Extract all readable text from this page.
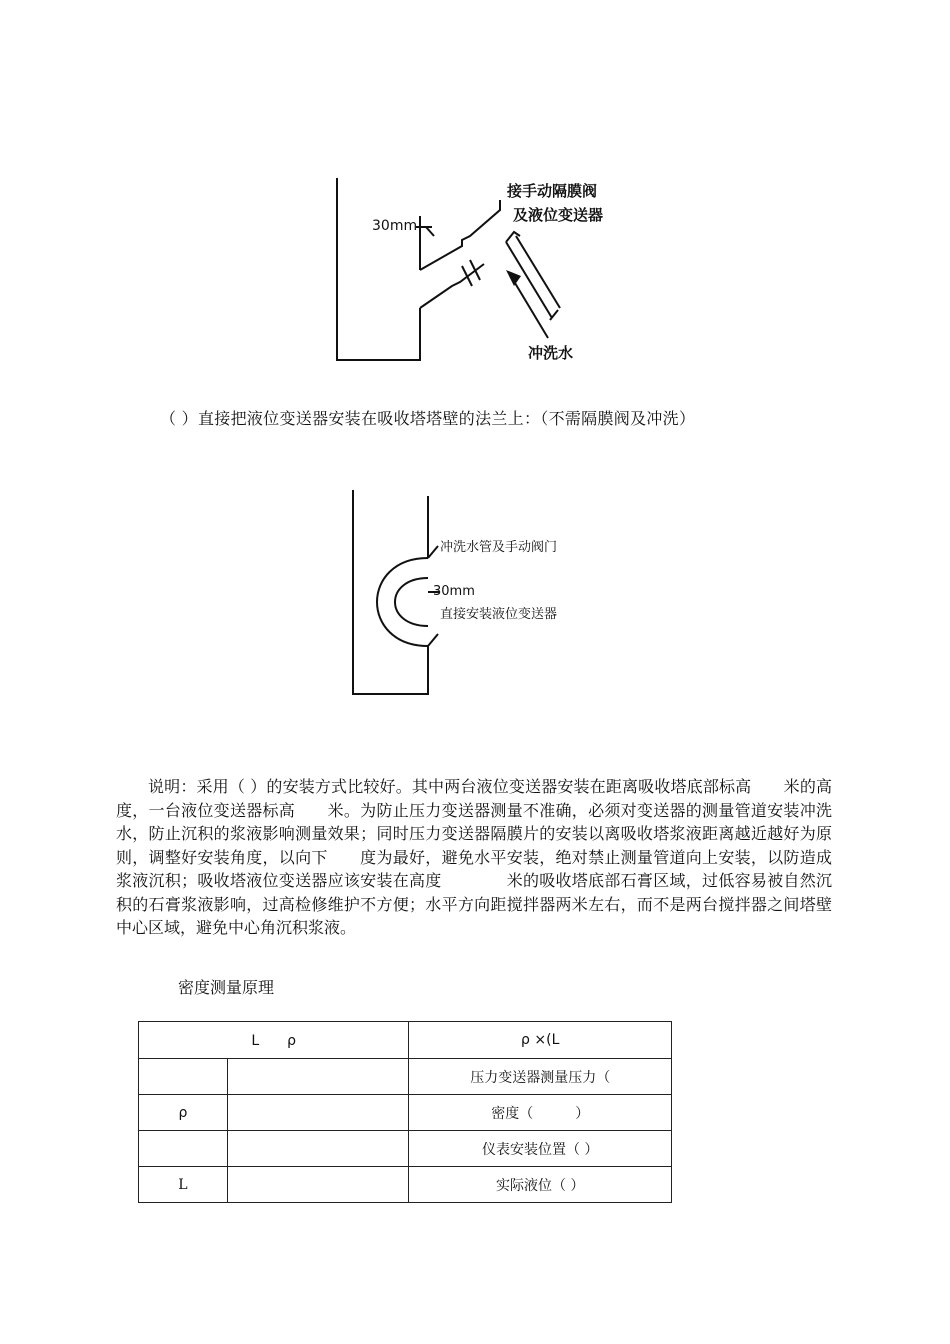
30mm
接手动隔膜阀
及液位变送器
冲洗水
（ ）直接把液位变送器安装在吸收塔塔壁的法兰上：（不需隔膜阀及冲洗）
冲洗水管及手动阀门
30mm
直接安装液位变送器

说明：采用（ ）的安装方式比较好。其中两台液位变送器安装在距离吸收塔底部标高　　米的高度，一台液位变送器标高　　米。为防止压力变送器测量不准确，必须对变送器的测量管道安装冲洗水，防止沉积的浆液影响测量效果；同时压力变送器隔膜片的安装以离吸收塔浆液距离越近越好为原则，调整好安装角度，以向下　　度为最好，避免水平安装，绝对禁止测量管道向上安装，以防造成浆液沉积；吸收塔液位变送器应该安装在高度　　　　米的吸收塔底部石膏区域，过低容易被自然沉积的石膏浆液影响，过高检修维护不方便；水平方向距搅拌器两米左右，而不是两台搅拌器之间塔壁中心区域，避免中心角沉积浆液。

密度测量原理
L　　ρ		ρ ×(L
		压力变送器测量压力（
ρ		密度（　　　）
		仪表安装位置（ ）
L		实际液位（ ）
